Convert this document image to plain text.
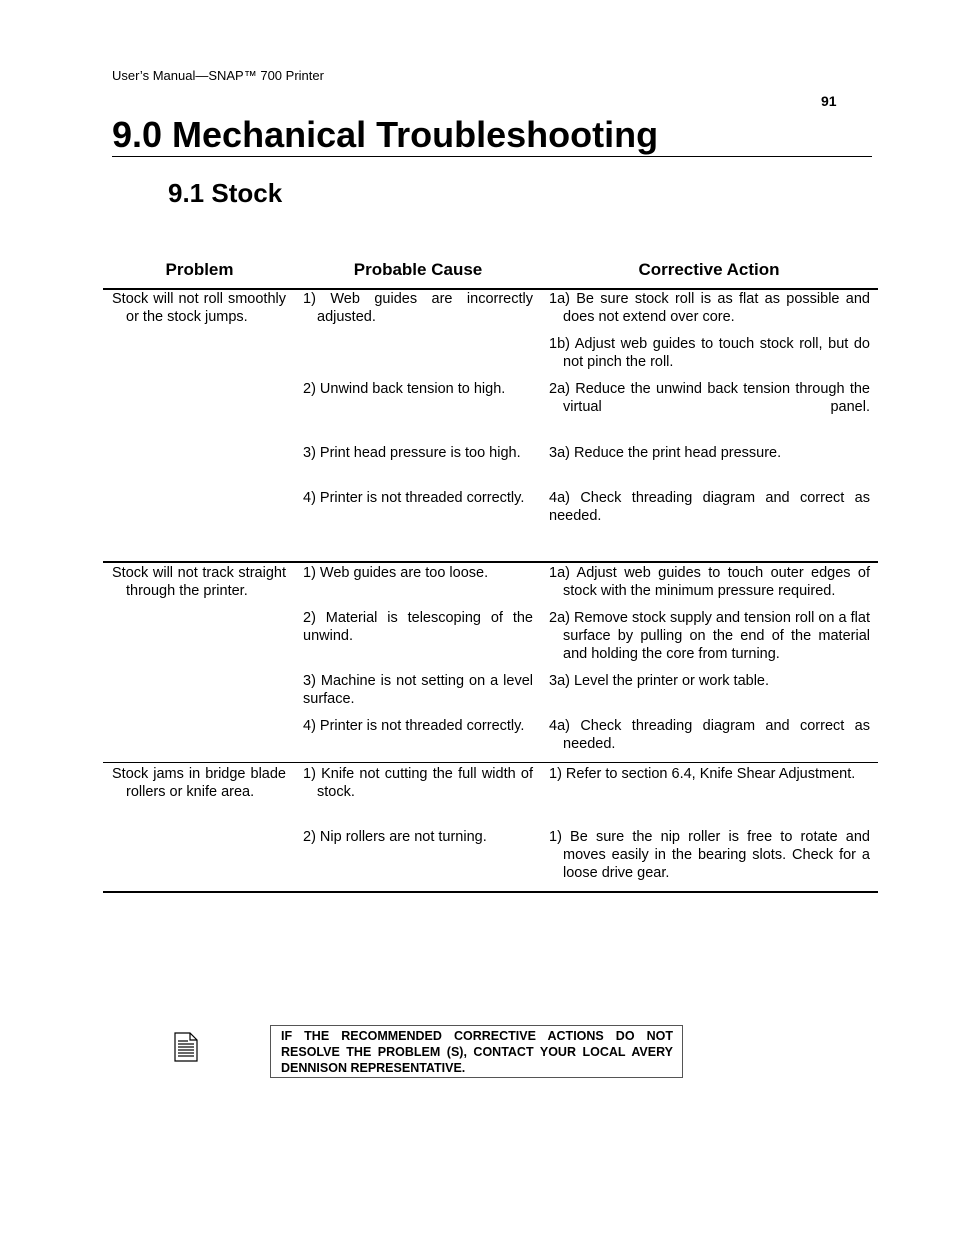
User’s Manual—SNAP™ 700 Printer
91
9.0 Mechanical Troubleshooting
9.1 Stock
Problem	Probable Cause	Corrective Action
Stock will not roll smoothly or the stock jumps.
1) Web guides are incorrectly adjusted.
2) Unwind back tension to high.
3) Print head pressure is too high.
4) Printer is not threaded correctly.
1a) Be sure stock roll is as flat as possible and does not extend over core.
1b) Adjust web guides to touch stock roll, but do not pinch the roll.
2a) Reduce the unwind back tension through the virtual panel.
3a) Reduce the print head pressure.
4a) Check threading diagram and correct as needed.
Stock will not track straight through the printer.
1) Web guides are too loose.
2) Material is telescoping of the unwind.
3) Machine is not setting on a level surface.
4) Printer is not threaded correctly.
1a) Adjust web guides to touch outer edges of stock with the minimum pressure required.
2a) Remove stock supply and tension roll on a flat surface by pulling on the end of the material and holding the core from turning.
3a) Level the printer or work table.
4a) Check threading diagram and correct as needed.
Stock jams in bridge blade rollers or knife area.
1) Knife not cutting the full width of stock.
2) Nip rollers are not turning.
1) Refer to section 6.4, Knife Shear Adjustment.
1) Be sure the nip roller is free to rotate and moves easily in the bearing slots. Check for a loose drive gear.
IF THE RECOMMENDED CORRECTIVE ACTIONS DO NOT RESOLVE THE PROBLEM (S), CONTACT YOUR LOCAL AVERY DENNISON REPRESENTATIVE.
